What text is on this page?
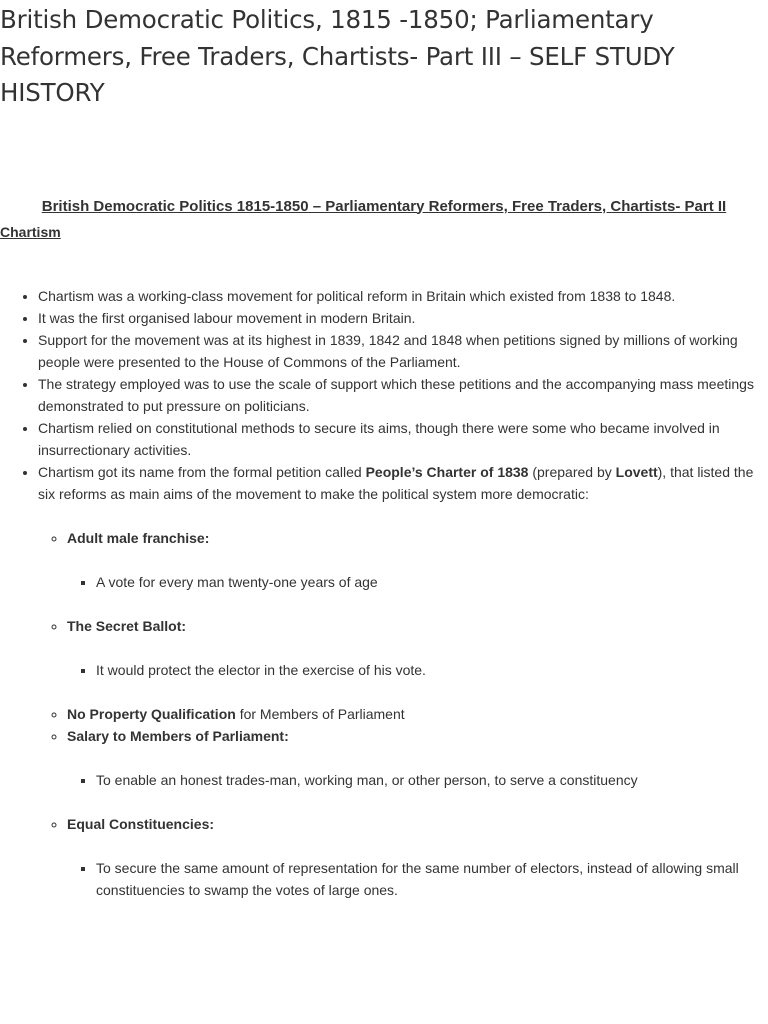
British Democratic Politics, 1815 -1850; Parliamentary Reformers, Free Traders, Chartists- Part III – SELF STUDY HISTORY
British Democratic Politics 1815-1850 – Parliamentary Reformers, Free Traders, Chartists- Part II
Chartism
• Chartism was a working-class movement for political reform in Britain which existed from 1838 to 1848.
• It was the first organised labour movement in modern Britain.
• Support for the movement was at its highest in 1839, 1842 and 1848 when petitions signed by millions of working people were presented to the House of Commons of the Parliament.
• The strategy employed was to use the scale of support which these petitions and the accompanying mass meetings demonstrated to put pressure on politicians.
• Chartism relied on constitutional methods to secure its aims, though there were some who became involved in insurrectionary activities.
• Chartism got its name from the formal petition called People’s Charter of 1838 (prepared by Lovett), that listed the six reforms as main aims of the movement to make the political system more democratic:
◦ Adult male franchise:
▪ A vote for every man twenty-one years of age
◦ The Secret Ballot:
▪ It would protect the elector in the exercise of his vote.
◦ No Property Qualification for Members of Parliament
◦ Salary to Members of Parliament:
▪ To enable an honest trades-man, working man, or other person, to serve a constituency
◦ Equal Constituencies:
▪ To secure the same amount of representation for the same number of electors, instead of allowing small constituencies to swamp the votes of large ones.
